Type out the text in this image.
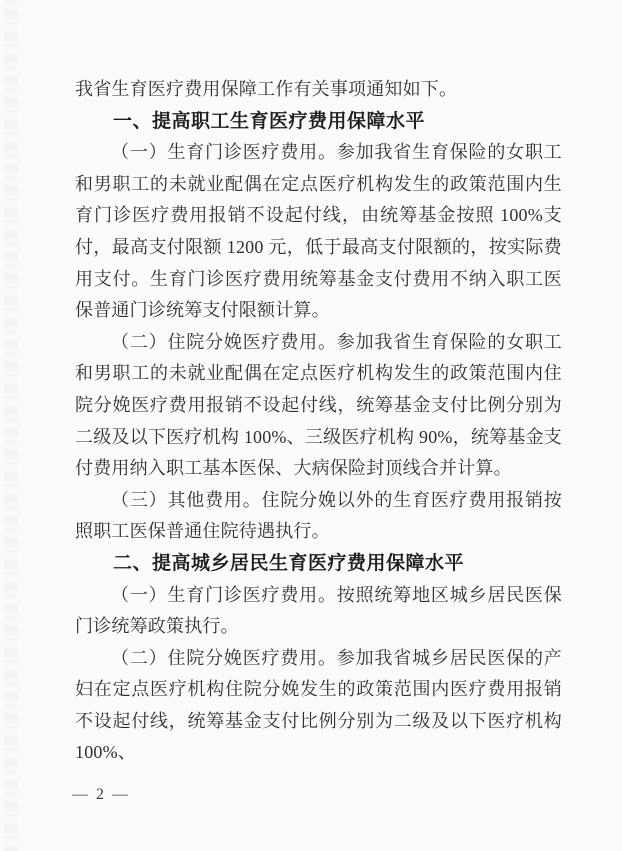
我省生育医疗费用保障工作有关事项通知如下。

一、提高职工生育医疗费用保障水平

（一）生育门诊医疗费用。参加我省生育保险的女职工和男职工的未就业配偶在定点医疗机构发生的政策范围内生育门诊医疗费用报销不设起付线，由统筹基金按照 100%支付，最高支付限额 1200 元，低于最高支付限额的，按实际费用支付。生育门诊医疗费用统筹基金支付费用不纳入职工医保普通门诊统筹支付限额计算。

（二）住院分娩医疗费用。参加我省生育保险的女职工和男职工的未就业配偶在定点医疗机构发生的政策范围内住院分娩医疗费用报销不设起付线，统筹基金支付比例分别为二级及以下医疗机构 100%、三级医疗机构 90%，统筹基金支付费用纳入职工基本医保、大病保险封顶线合并计算。

（三）其他费用。住院分娩以外的生育医疗费用报销按照职工医保普通住院待遇执行。

二、提高城乡居民生育医疗费用保障水平

（一）生育门诊医疗费用。按照统筹地区城乡居民医保门诊统筹政策执行。

（二）住院分娩医疗费用。参加我省城乡居民医保的产妇在定点医疗机构住院分娩发生的政策范围内医疗费用报销不设起付线，统筹基金支付比例分别为二级及以下医疗机构 100%、

— 2 —
